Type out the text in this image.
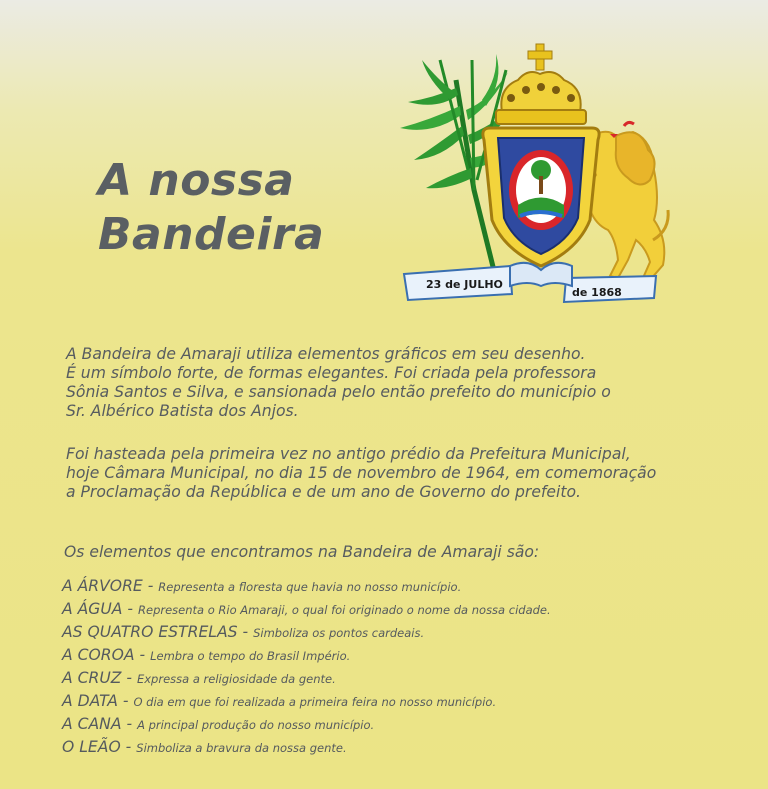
A nossa
Bandeira
23 de JULHO
de 1868

A Bandeira de Amaraji utiliza elementos gráficos em seu desenho.
É um símbolo forte, de formas elegantes. Foi criada pela professora
Sônia Santos e Silva, e sansionada pelo então prefeito do município o
Sr. Albérico Batista dos Anjos.

Foi hasteada pela primeira vez no antigo prédio da Prefeitura Municipal,
hoje Câmara Municipal, no dia 15 de novembro de 1964, em comemoração
a Proclamação da República e de um ano de Governo do prefeito.

Os elementos que encontramos na Bandeira de Amaraji são:

A ÁRVORE - Representa a floresta que havia no nosso município.
A ÁGUA - Representa o Rio Amaraji, o qual foi originado o nome da nossa cidade.
AS QUATRO ESTRELAS - Simboliza os pontos cardeais.
A COROA - Lembra o tempo do Brasil Império.
A CRUZ - Expressa a religiosidade da gente.
A DATA - O dia em que foi realizada a primeira feira no nosso município.
A CANA - A principal produção do nosso município.
O LEÃO - Simboliza a bravura da nossa gente.
